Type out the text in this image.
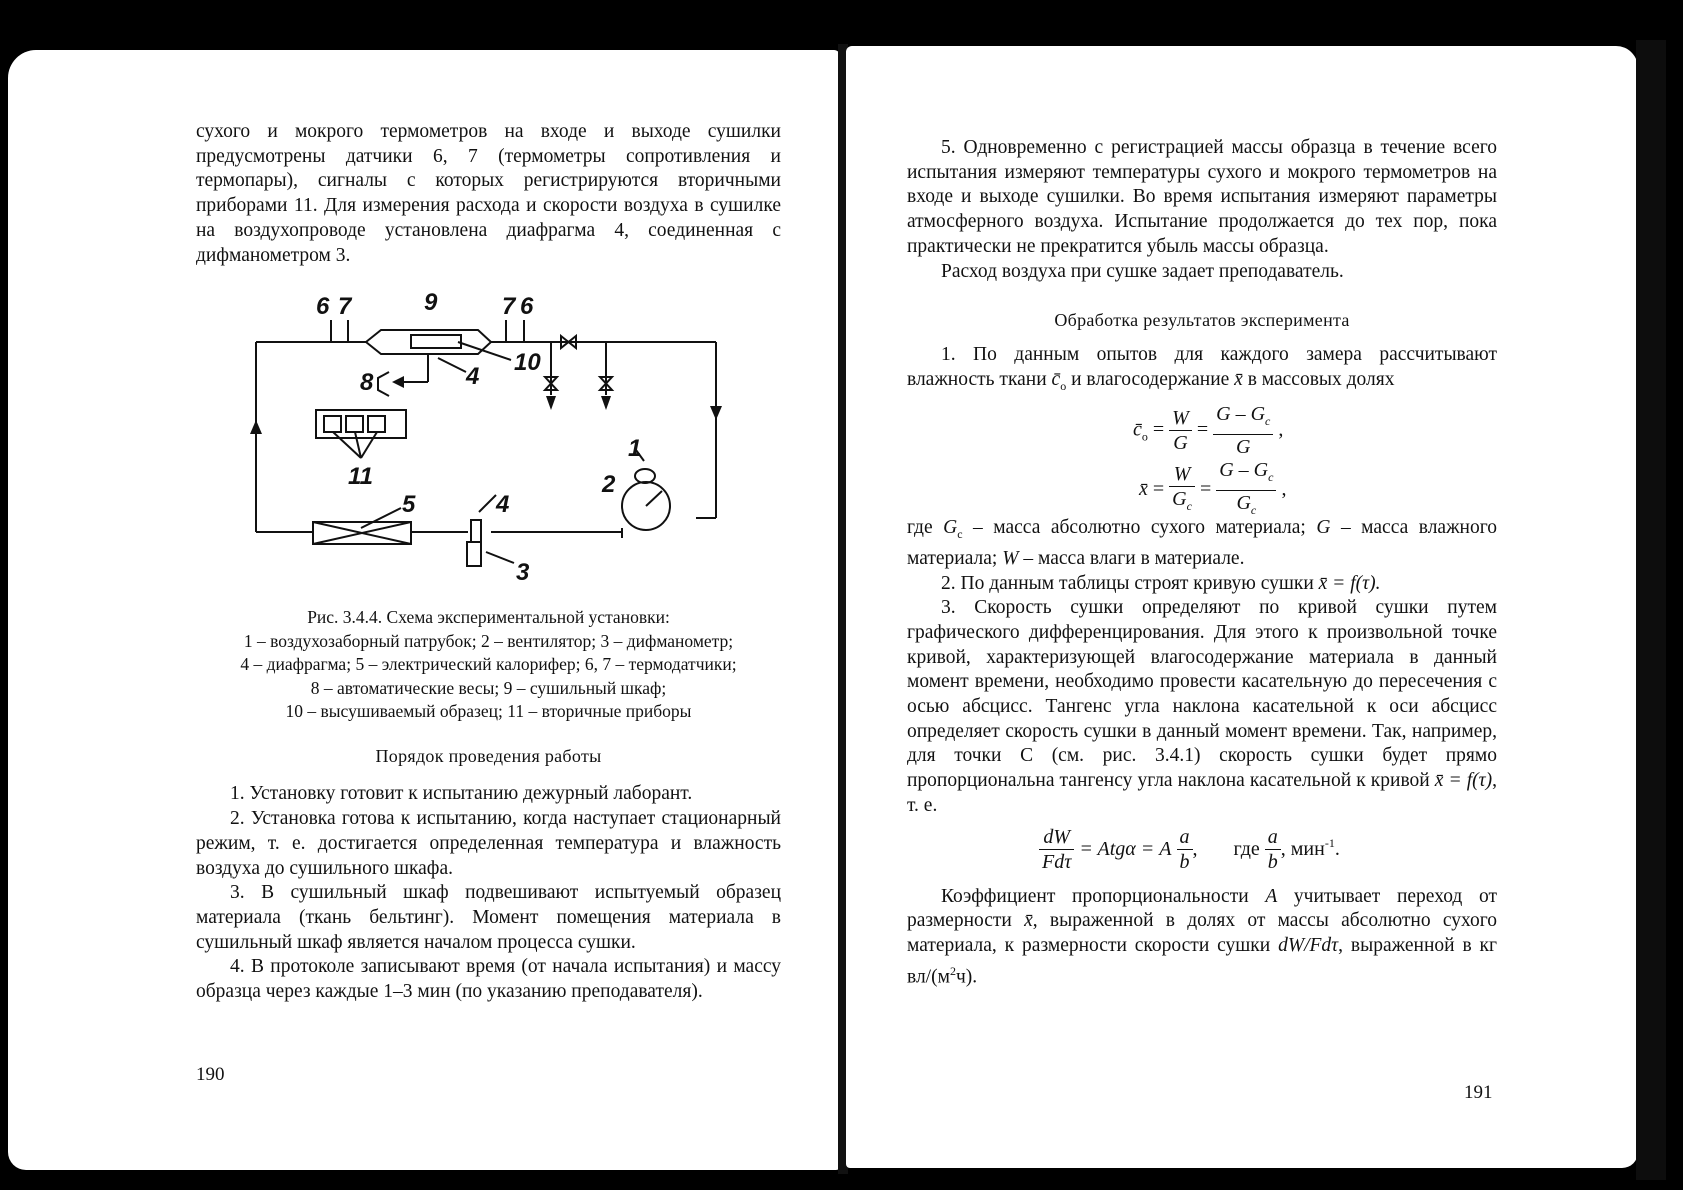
сухого и мокрого термометров на входе и выходе сушилки предусмотрены датчики 6, 7 (термометры сопротивления и термопары), сигналы с которых регистрируются вторичными приборами 11. Для измерения расхода и скорости воздуха в сушилке на воздухопроводе установлена диафрагма 4, соединенная с дифманометром 3.

6 7	9	7 6
10
8	4
11
5	4
1
2
3

Рис. 3.4.4. Схема экспериментальной установки:

1 – воздухозаборный патрубок; 2 – вентилятор; 3 – дифманометр;

4 – диафрагма; 5 – электрический калорифер; 6, 7 – термодатчики;

8 – автоматические весы; 9 – сушильный шкаф;

10 – высушиваемый образец; 11 – вторичные приборы

Порядок проведения работы

1. Установку готовит к испытанию дежурный лаборант.

2. Установка готова к испытанию, когда наступает стационарный режим, т. е. достигается определенная температура и влажность воздуха до сушильного шкафа.

3. В сушильный шкаф подвешивают испытуемый образец материала (ткань бельтинг). Момент помещения материала в сушильный шкаф является началом процесса сушки.

4. В протоколе записывают время (от начала испытания) и массу образца через каждые 1–3 мин (по указанию преподавателя).

190

5. Одновременно с регистрацией массы образца в течение всего испытания измеряют температуры сухого и мокрого термометров на входе и выходе сушилки. Во время испытания измеряют параметры атмосферного воздуха. Испытание продолжается до тех пор, пока практически не прекратится убыль массы образца.

Расход воздуха при сушке задает преподаватель.

Обработка результатов эксперимента

1. По данным опытов для каждого замера рассчитывают влажность ткани $c̄_о$ и влагосодержание x̄ в массовых долях

$c̄_о = \frac{W}{G} = \frac{G - G_с}{G}$ ,
x̄ = $\frac{W}{G_с} = \frac{G - G_с}{G_с}$ ,

где $G_с$ – масса абсолютно сухого материала; G – масса влажного материала; W – масса влаги в материале.

2. По данным таблицы строят кривую сушки x̄ = f(τ).

3. Скорость сушки определяют по кривой сушки путем графического дифференцирования. Для этого к произвольной точке кривой, характеризующей влагосодержание материала в данный момент времени, необходимо провести касательную до пересечения с осью абсцисс. Тангенс угла наклона касательной к оси абсцисс определяет скорость сушки в данный момент времени. Так, например, для точки С (см. рис. 3.4.1) скорость сушки будет прямо пропорциональна тангенсу угла наклона касательной к кривой x̄ = f(τ), т. е.

$\frac{dW}{\text{Fdτ}} = Atg\alpha = A \frac{a}{b}$ , где $\frac{a}{b}$ , мин$^{-1}$.

Коэффициент пропорциональности A учитывает переход от размерности x̄, выраженной в долях от массы абсолютно сухого материала, к размерности скорости сушки dW/Fdτ, выраженной в кг $вл/(м^2ч)$.

191
